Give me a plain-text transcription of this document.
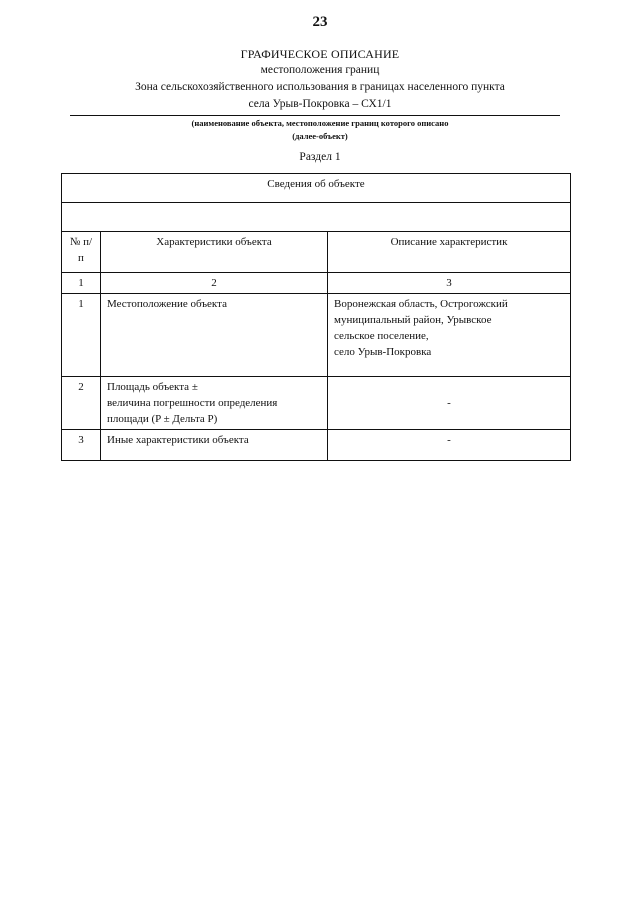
23
ГРАФИЧЕСКОЕ ОПИСАНИЕ
местоположения границ
Зона сельскохозяйственного использования в границах населенного пункта
села Урыв-Покровка – СХ1/1
(наименование объекта, местоположение границ которого описано
(далее-объект)
Раздел 1
Сведения об объекте		

№ п/п	Характеристики объекта	Описание характеристик
1	2	3
1	Местоположение объекта	Воронежская область, Острогожский
муниципальный район, Урывское
сельское поселение,
село Урыв-Покровка

2	Площадь объекта ±
величина погрешности определения
площади (P ± Дельта P)	-
3	Иные характеристики объекта	-
